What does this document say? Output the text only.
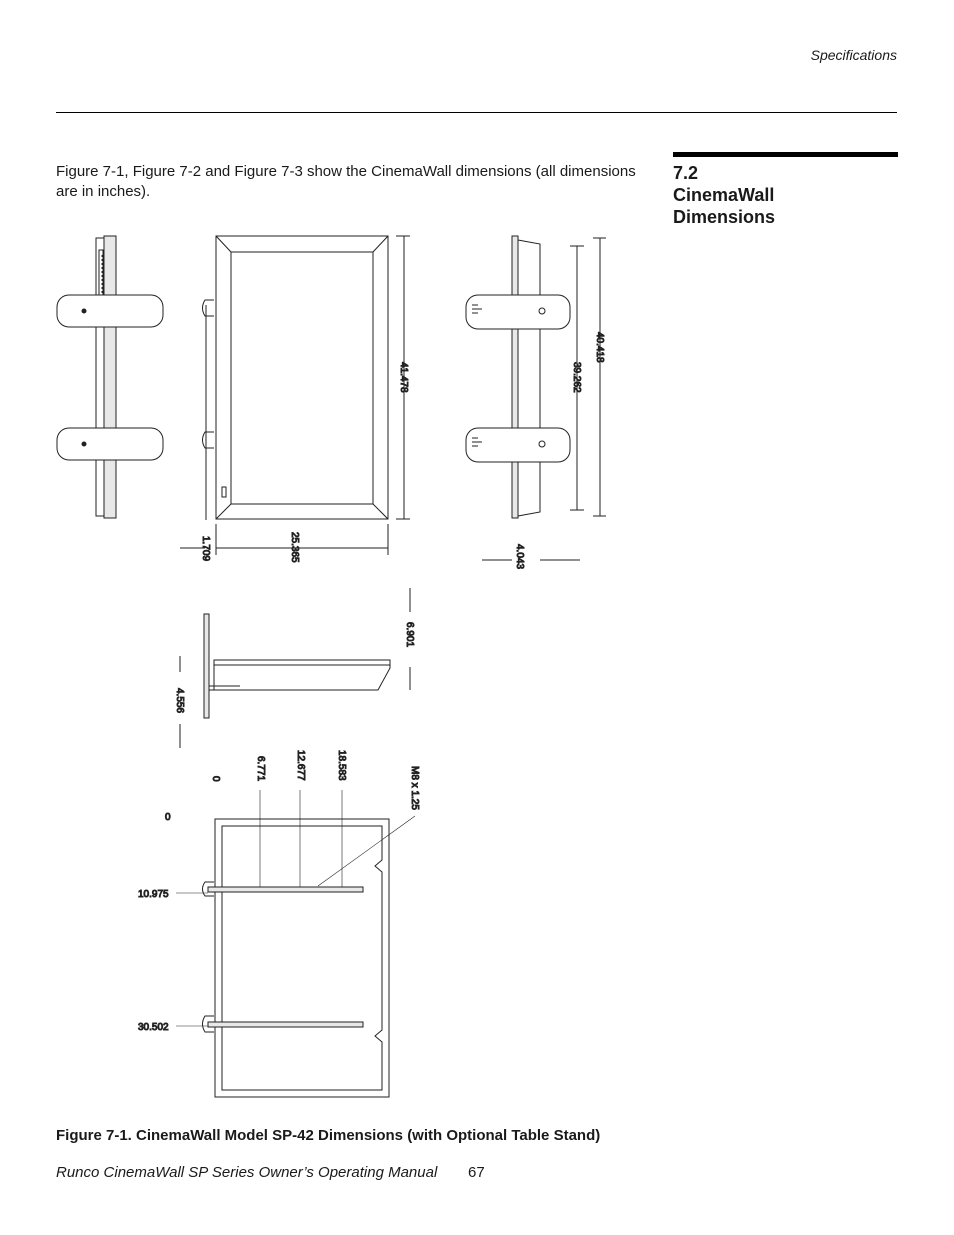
Specifications
Figure 7-1, Figure 7-2 and Figure 7-3 show the CinemaWall dimensions (all dimensions are in inches).
7.2
CinemaWall
Dimensions
25.365
41.478
1.709
40.418
39.262
4.043
6.901
4.556
0	6.771	12.677	18.583
M8 x 1.25
0
10.975
30.502
Figure 7-1. CinemaWall Model SP-42 Dimensions (with Optional Table Stand)
Runco CinemaWall SP Series Owner’s Operating Manual 67
